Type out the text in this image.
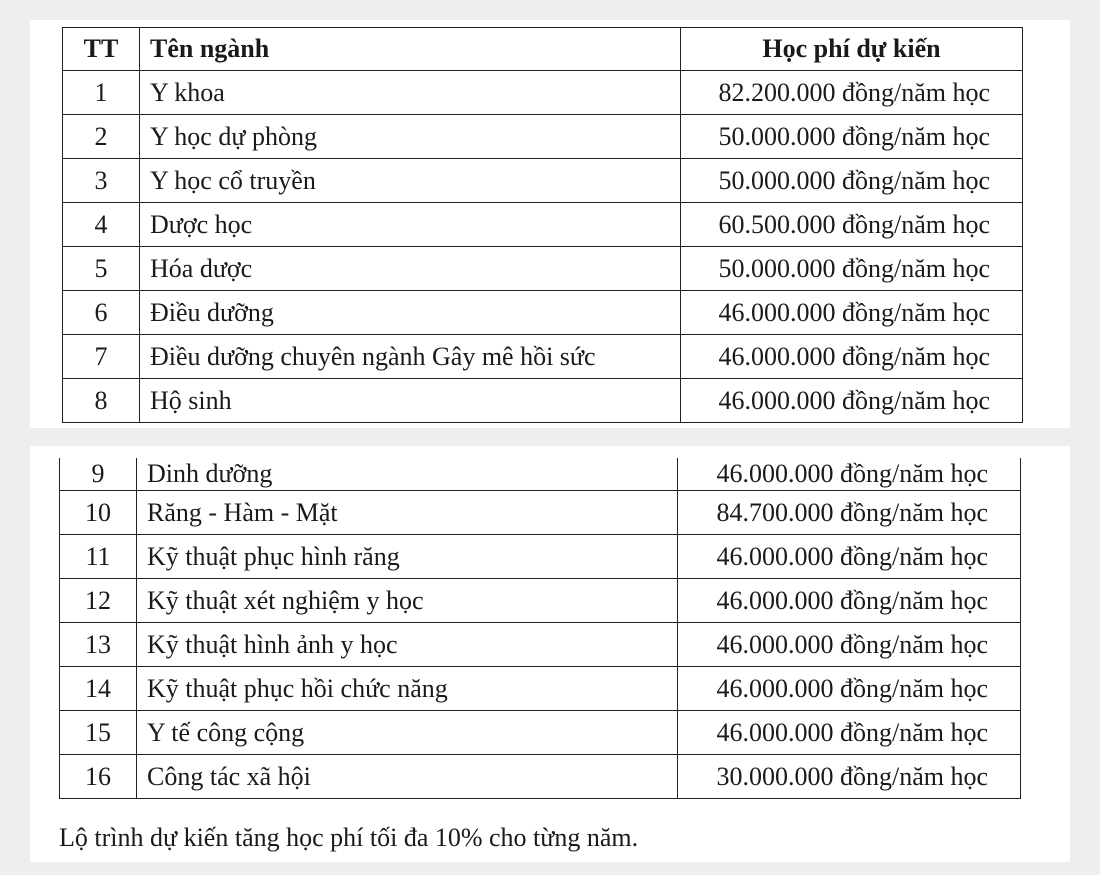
TT	Tên ngành	Học phí dự kiến
1	Y khoa	82.200.000 đồng/năm học
2	Y học dự phòng	50.000.000 đồng/năm học
3	Y học cổ truyền	50.000.000 đồng/năm học
4	Dược học	60.500.000 đồng/năm học
5	Hóa dược	50.000.000 đồng/năm học
6	Điều dưỡng	46.000.000 đồng/năm học
7	Điều dưỡng chuyên ngành Gây mê hồi sức	46.000.000 đồng/năm học
8	Hộ sinh	46.000.000 đồng/năm học
9	Dinh dưỡng	46.000.000 đồng/năm học
10	Răng - Hàm - Mặt	84.700.000 đồng/năm học
11	Kỹ thuật phục hình răng	46.000.000 đồng/năm học
12	Kỹ thuật xét nghiệm y học	46.000.000 đồng/năm học
13	Kỹ thuật hình ảnh y học	46.000.000 đồng/năm học
14	Kỹ thuật phục hồi chức năng	46.000.000 đồng/năm học
15	Y tế công cộng	46.000.000 đồng/năm học
16	Công tác xã hội	30.000.000 đồng/năm học

Lộ trình dự kiến tăng học phí tối đa 10% cho từng năm.
